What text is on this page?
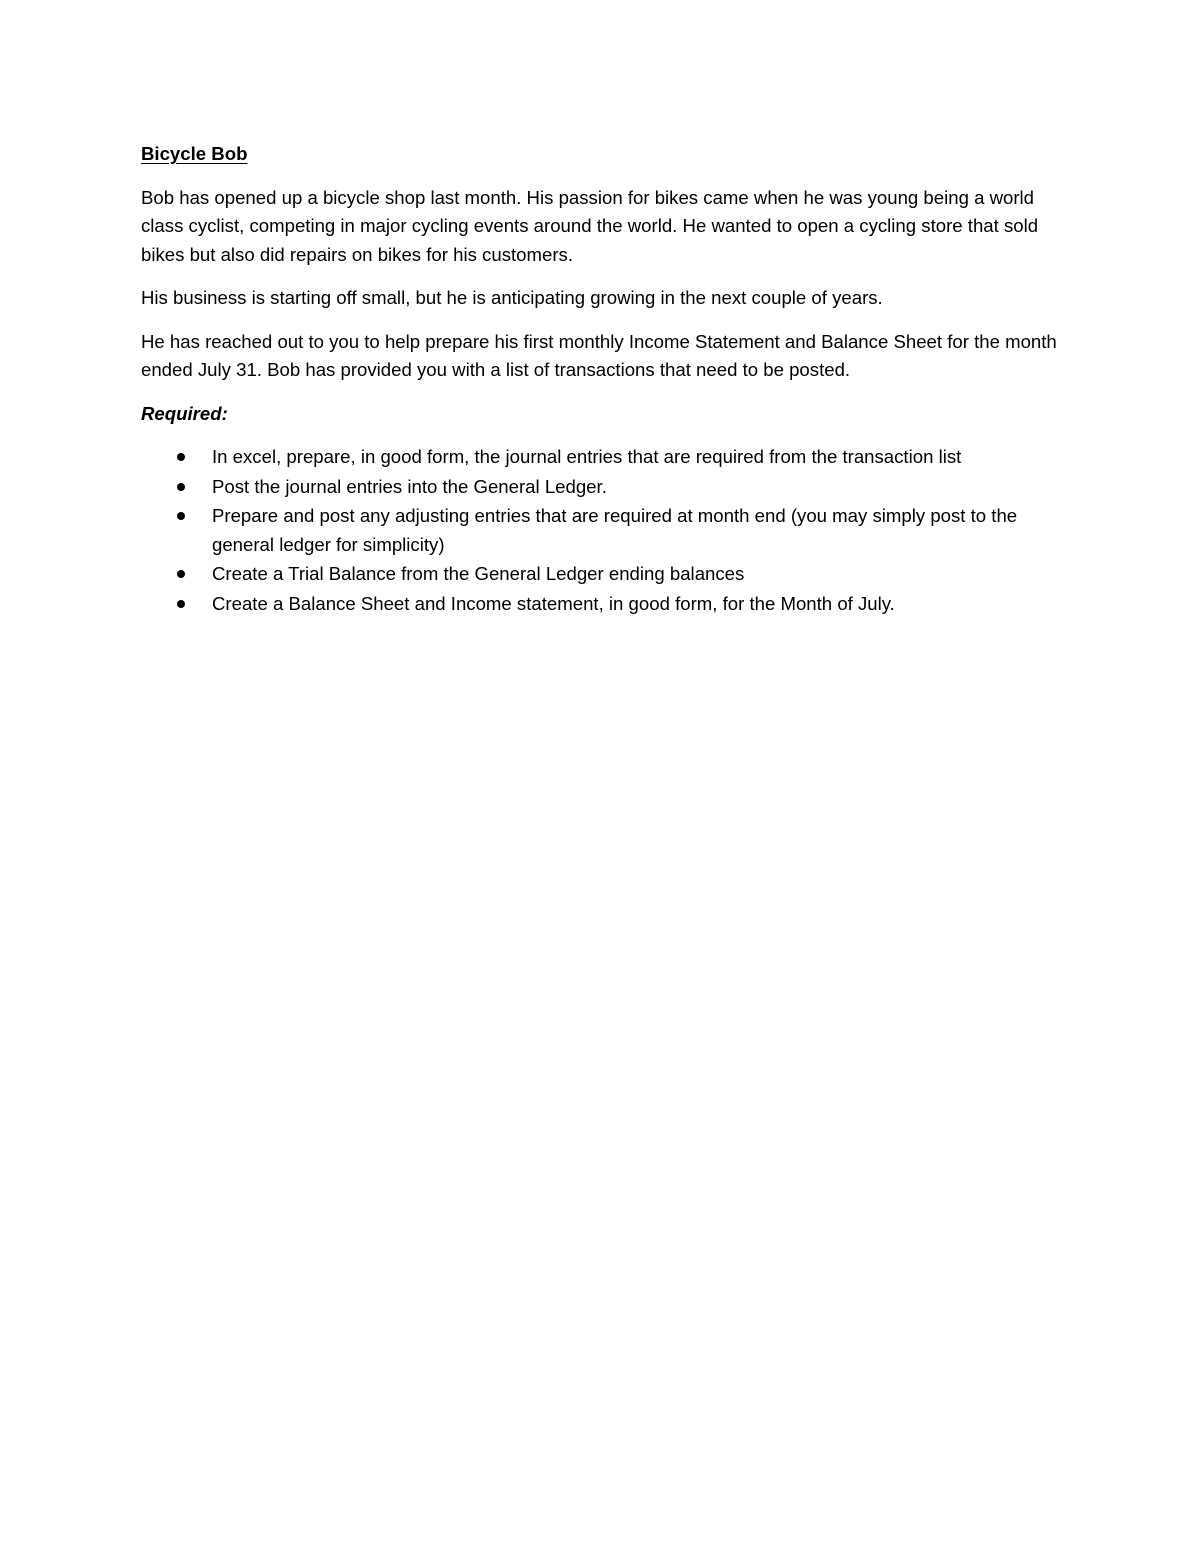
Bicycle Bob

Bob has opened up a bicycle shop last month. His passion for bikes came when he was young being a world class cyclist, competing in major cycling events around the world. He wanted to open a cycling store that sold bikes but also did repairs on bikes for his customers.

His business is starting off small, but he is anticipating growing in the next couple of years.

He has reached out to you to help prepare his first monthly Income Statement and Balance Sheet for the month ended July 31. Bob has provided you with a list of transactions that need to be posted.

Required:
In excel, prepare, in good form, the journal entries that are required from the transaction list
Post the journal entries into the General Ledger.
Prepare and post any adjusting entries that are required at month end (you may simply post to the general ledger for simplicity)
Create a Trial Balance from the General Ledger ending balances
Create a Balance Sheet and Income statement, in good form, for the Month of July.
